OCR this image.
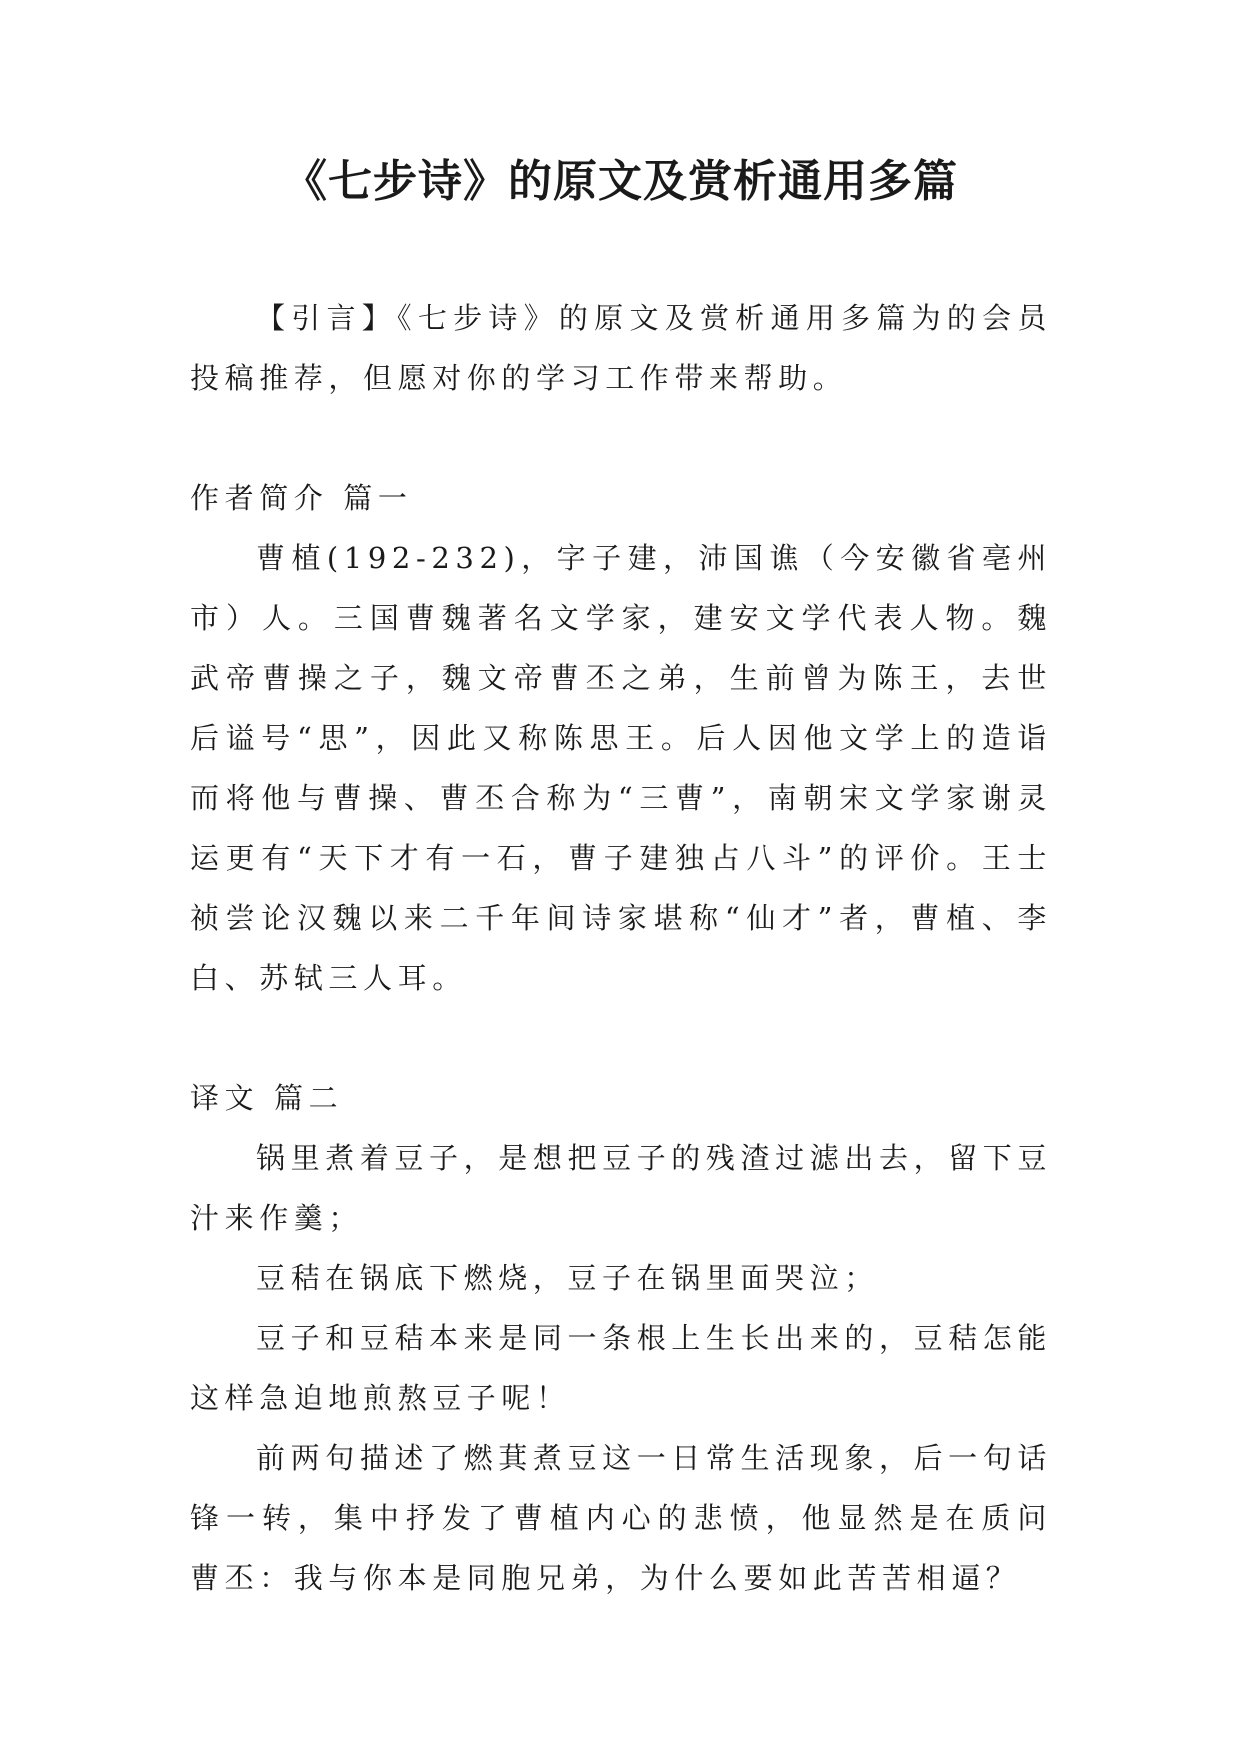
《七步诗》的原文及赏析通用多篇

【引言】《七步诗》的原文及赏析通用多篇为的会员投稿推荐，但愿对你的学习工作带来帮助。

作者简介 篇一

曹植(192-232)，字子建，沛国谯（今安徽省亳州市）人。三国曹魏著名文学家，建安文学代表人物。魏武帝曹操之子，魏文帝曹丕之弟，生前曾为陈王，去世后谥号“思”，因此又称陈思王。后人因他文学上的造诣而将他与曹操、曹丕合称为“三曹”，南朝宋文学家谢灵运更有“天下才有一石，曹子建独占八斗”的评价。王士祯尝论汉魏以来二千年间诗家堪称“仙才”者，曹植、李白、苏轼三人耳。

译文 篇二

锅里煮着豆子，是想把豆子的残渣过滤出去，留下豆汁来作羹；

豆秸在锅底下燃烧，豆子在锅里面哭泣；

豆子和豆秸本来是同一条根上生长出来的，豆秸怎能这样急迫地煎熬豆子呢！

前两句描述了燃萁煮豆这一日常生活现象，后一句话锋一转，集中抒发了曹植内心的悲愤，他显然是在质问曹丕：我与你本是同胞兄弟，为什么要如此苦苦相逼？
